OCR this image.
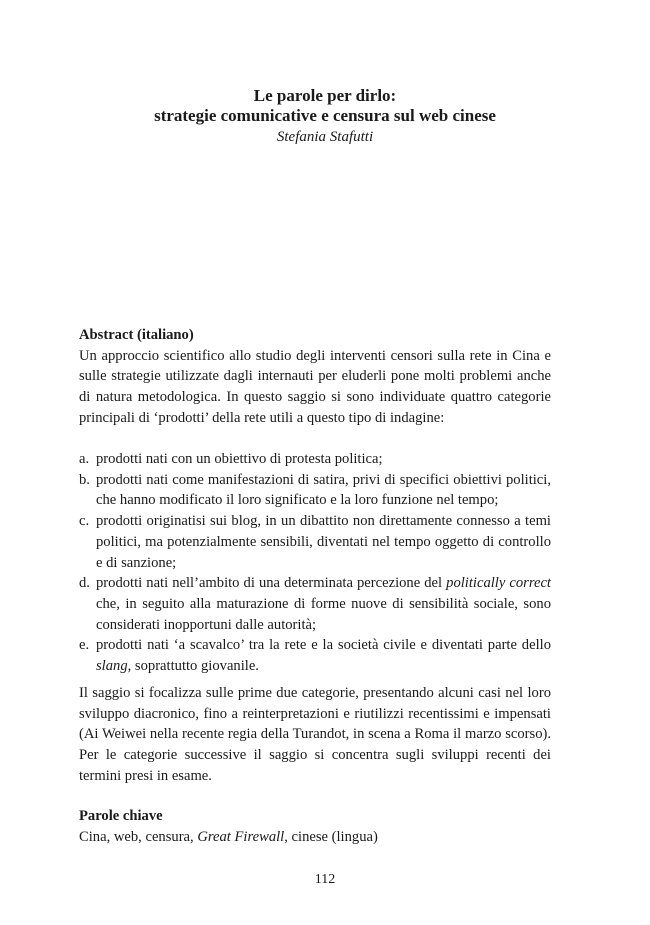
Le parole per dirlo:
strategie comunicative e censura sul web cinese
Stefania Stafutti
Abstract (italiano)

Un approccio scientifico allo studio degli interventi censori sulla rete in Cina e sulle strategie utilizzate dagli internauti per eluderli pone molti problemi anche di natura metodologica. In questo saggio si sono individuate quattro categorie principali di ‘prodotti’ della rete utili a questo tipo di indagine:

a. prodotti nati con un obiettivo di protesta politica;
b. prodotti nati come manifestazioni di satira, privi di specifici obiettivi politici, che hanno modificato il loro significato e la loro funzione nel tempo;
c. prodotti originatisi sui blog, in un dibattito non direttamente connesso a temi politici, ma potenzialmente sensibili, diventati nel tempo oggetto di controllo e di sanzione;
d. prodotti nati nell’ambito di una determinata percezione del politically correct che, in seguito alla maturazione di forme nuove di sensibilità sociale, sono considerati inopportuni dalle autorità;
e. prodotti nati ‘a scavalco’ tra la rete e la società civile e diventati parte dello slang, soprattutto giovanile.

Il saggio si focalizza sulle prime due categorie, presentando alcuni casi nel loro sviluppo diacronico, fino a reinterpretazioni e riutilizzi recentissimi e impensati (Ai Weiwei nella recente regia della Turandot, in scena a Roma il marzo scorso). Per le categorie successive il saggio si concentra sugli sviluppi recenti dei termini presi in esame.

Parole chiave
Cina, web, censura, Great Firewall, cinese (lingua)
112
